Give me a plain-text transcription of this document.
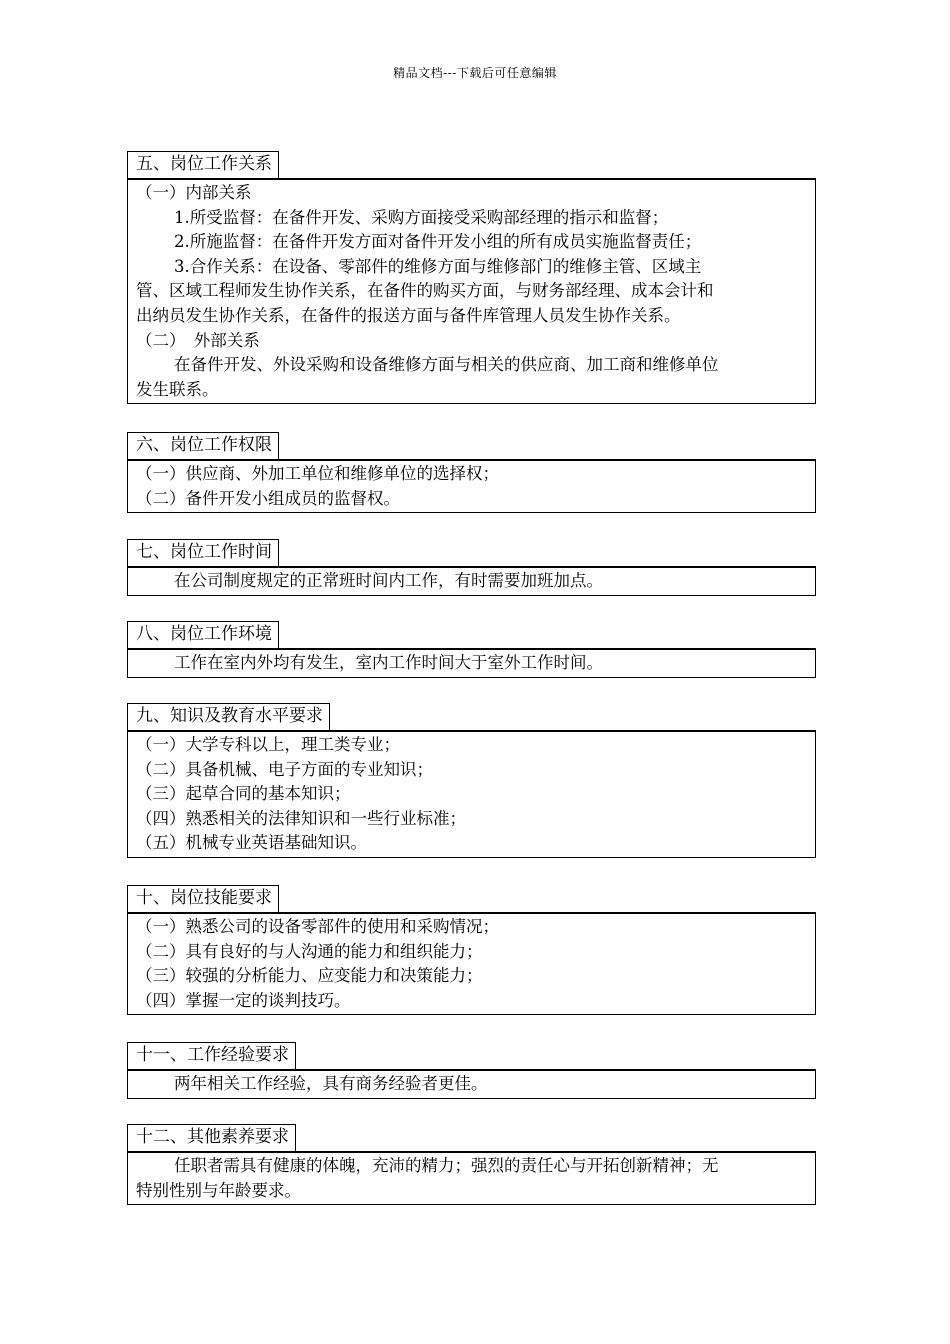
精品文档---下载后可任意编辑
五、岗位工作关系
（一）内部关系
1.所受监督：在备件开发、采购方面接受采购部经理的指示和监督；
2.所施监督：在备件开发方面对备件开发小组的所有成员实施监督责任；
3.合作关系：在设备、零部件的维修方面与维修部门的维修主管、区域主
管、区域工程师发生协作关系，在备件的购买方面，与财务部经理、成本会计和
出纳员发生协作关系，在备件的报送方面与备件库管理人员发生协作关系。
（二）　外部关系
在备件开发、外设采购和设备维修方面与相关的供应商、加工商和维修单位
发生联系。
六、岗位工作权限
（一）供应商、外加工单位和维修单位的选择权；
（二）备件开发小组成员的监督权。
七、岗位工作时间
在公司制度规定的正常班时间内工作，有时需要加班加点。
八、岗位工作环境
工作在室内外均有发生，室内工作时间大于室外工作时间。
九、知识及教育水平要求
（一）大学专科以上，理工类专业；
（二）具备机械、电子方面的专业知识；
（三）起草合同的基本知识；
（四）熟悉相关的法律知识和一些行业标准；
（五）机械专业英语基础知识。
十、岗位技能要求
（一）熟悉公司的设备零部件的使用和采购情况；
（二）具有良好的与人沟通的能力和组织能力；
（三）较强的分析能力、应变能力和决策能力；
（四）掌握一定的谈判技巧。
十一、工作经验要求
两年相关工作经验，具有商务经验者更佳。
十二、其他素养要求
任职者需具有健康的体魄，充沛的精力；强烈的责任心与开拓创新精神；无
特别性别与年龄要求。
